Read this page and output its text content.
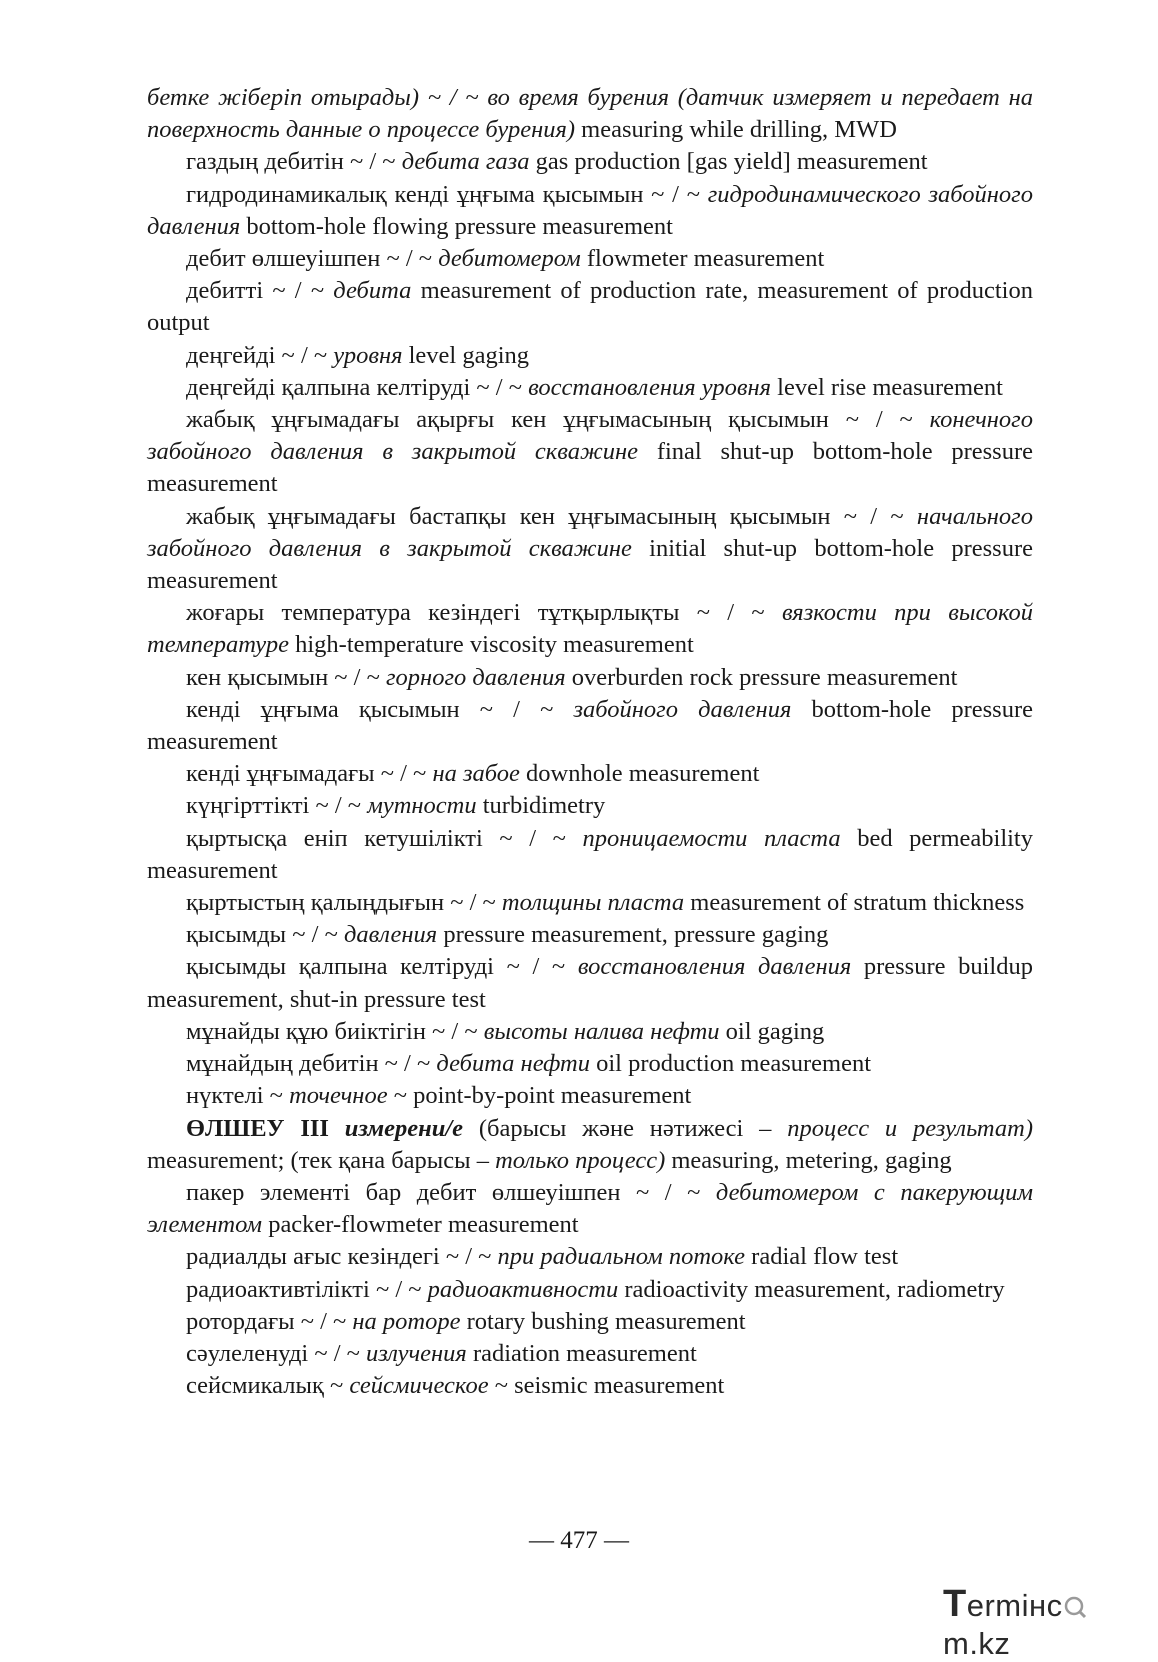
бетке жіберіп отырады) ~ / ~ во время бурения (датчик измеряет и передает на поверхность данные о процессе бурения) measuring while drilling, MWD

газдың дебитін ~ / ~ дебита газа gas production [gas yield] measurement

гидродинамикалық кенді ұңғыма қысымын ~ / ~ гидродинамического забойного давления bottom-hole flowing pressure measurement

дебит өлшеуішпен ~ / ~ дебитомером flowmeter measurement

дебитті ~ / ~ дебита measurement of production rate, measurement of production output

деңгейді ~ / ~ уровня level gaging

деңгейді қалпына келтіруді ~ / ~ восстановления уровня level rise measurement

жабық ұңғымадағы ақырғы кен ұңғымасының қысымын ~ / ~ конечного забойного давления в закрытой скважине final shut-up bottom-hole pressure measurement

жабық ұңғымадағы бастапқы кен ұңғымасының қысымын ~ / ~ начального забойного давления в закрытой скважине initial shut-up bottom-hole pressure measurement

жоғары температура кезіндегі тұтқырлықты ~ / ~ вязкости при высокой температуре high-temperature viscosity measurement

кен қысымын ~ / ~ горного давления overburden rock pressure measurement

кенді ұңғыма қысымын ~ / ~ забойного давления bottom-hole pressure measurement

кенді ұңғымадағы ~ / ~ на забое downhole measurement

күңгірттікті ~ / ~ мутности turbidimetry

қыртысқа еніп кетушілікті ~ / ~ проницаемости пласта bed permeability measurement

қыртыстың қалыңдығын ~ / ~ толщины пласта measurement of stratum thickness

қысымды ~ / ~ давления pressure measurement, pressure gaging

қысымды қалпына келтіруді ~ / ~ восстановления давления pressure buildup measurement, shut-in pressure test

мұнайды құю биіктігін ~ / ~ высоты налива нефти oil gaging

мұнайдың дебитін ~ / ~ дебита нефти oil production measurement

нүктелі ~ точечное ~ point-by-point measurement

ӨЛШЕУ ІІІ измерени/е (барысы және нәтижесі – процесс и результат) measurement; (тек қана барысы – только процесс) measuring, metering, gaging

пакер элементі бар дебит өлшеуішпен ~ / ~ дебитомером с пакерующим элементом packer-flowmeter measurement

радиалды ағыс кезіндегі ~ / ~ при радиальном потоке radial flow test

радиоактивтілікті ~ / ~ радиоактивности radioactivity measurement, radiometry

ротордағы ~ / ~ на роторе rotary bushing measurement

сәулеленуді ~ / ~ излучения radiation measurement

сейсмикалық ~ сейсмическое ~ seismic measurement

— 477 —
Termінc
m.kz
